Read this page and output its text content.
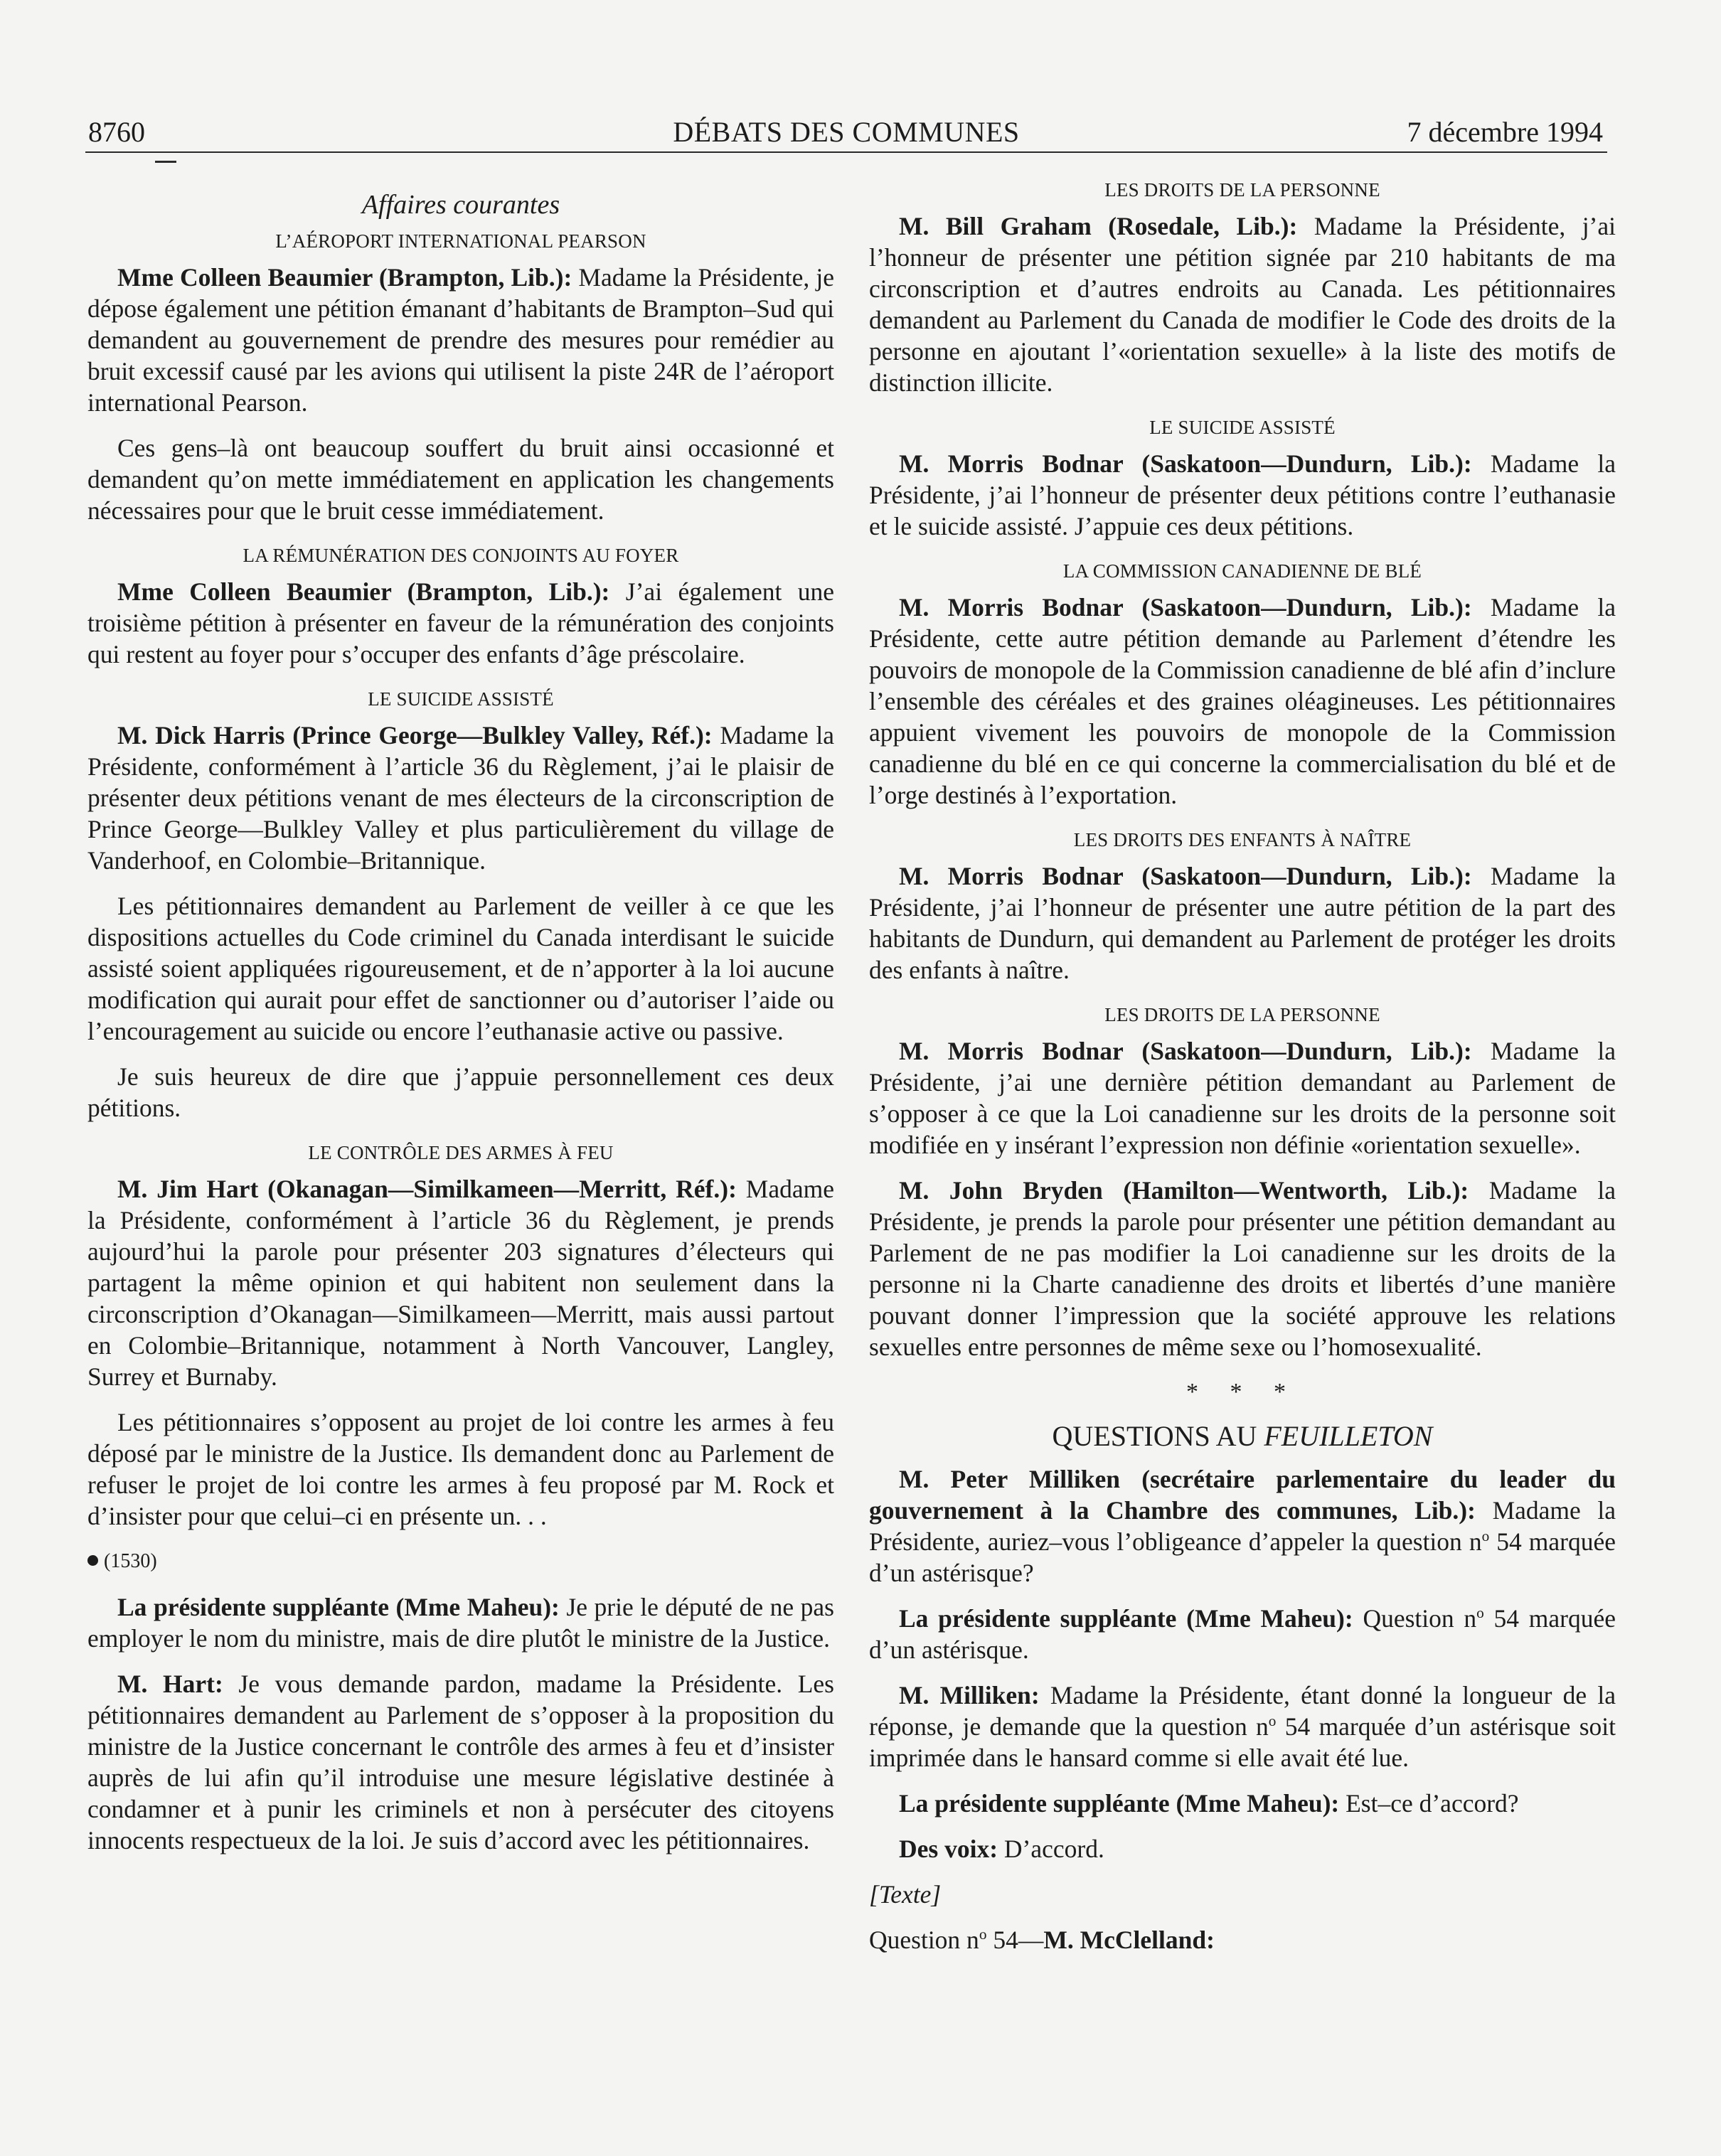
8760	DÉBATS DES COMMUNES	7 décembre 1994
Affaires courantes
L’AÉROPORT INTERNATIONAL PEARSON

Mme Colleen Beaumier (Brampton, Lib.): Madame la Présidente, je dépose également une pétition émanant d’habitants de Brampton–Sud qui demandent au gouvernement de prendre des mesures pour remédier au bruit excessif causé par les avions qui utilisent la piste 24R de l’aéroport international Pearson.

Ces gens–là ont beaucoup souffert du bruit ainsi occasionné et demandent qu’on mette immédiatement en application les changements nécessaires pour que le bruit cesse immédiatement.

LA RÉMUNÉRATION DES CONJOINTS AU FOYER

Mme Colleen Beaumier (Brampton, Lib.): J’ai également une troisième pétition à présenter en faveur de la rémunération des conjoints qui restent au foyer pour s’occuper des enfants d’âge préscolaire.

LE SUICIDE ASSISTÉ

M. Dick Harris (Prince George—Bulkley Valley, Réf.): Madame la Présidente, conformément à l’article 36 du Règlement, j’ai le plaisir de présenter deux pétitions venant de mes électeurs de la circonscription de Prince George—Bulkley Valley et plus particulièrement du village de Vanderhoof, en Colombie–Britannique.

Les pétitionnaires demandent au Parlement de veiller à ce que les dispositions actuelles du Code criminel du Canada interdisant le suicide assisté soient appliquées rigoureusement, et de n’apporter à la loi aucune modification qui aurait pour effet de sanctionner ou d’autoriser l’aide ou l’encouragement au suicide ou encore l’euthanasie active ou passive.

Je suis heureux de dire que j’appuie personnellement ces deux pétitions.

LE CONTRÔLE DES ARMES À FEU

M. Jim Hart (Okanagan—Similkameen—Merritt, Réf.): Madame la Présidente, conformément à l’article 36 du Règlement, je prends aujourd’hui la parole pour présenter 203 signatures d’électeurs qui partagent la même opinion et qui habitent non seulement dans la circonscription d’Okanagan—Similkameen—Merritt, mais aussi partout en Colombie–Britannique, notamment à North Vancouver, Langley, Surrey et Burnaby.

Les pétitionnaires s’opposent au projet de loi contre les armes à feu déposé par le ministre de la Justice. Ils demandent donc au Parlement de refuser le projet de loi contre les armes à feu proposé par M. Rock et d’insister pour que celui–ci en présente un. . .

(1530)

La présidente suppléante (Mme Maheu): Je prie le député de ne pas employer le nom du ministre, mais de dire plutôt le ministre de la Justice.

M. Hart: Je vous demande pardon, madame la Présidente. Les pétitionnaires demandent au Parlement de s’opposer à la proposition du ministre de la Justice concernant le contrôle des armes à feu et d’insister auprès de lui afin qu’il introduise une mesure législative destinée à condamner et à punir les criminels et non à persécuter des citoyens innocents respectueux de la loi. Je suis d’accord avec les pétitionnaires.

LES DROITS DE LA PERSONNE

M. Bill Graham (Rosedale, Lib.): Madame la Présidente, j’ai l’honneur de présenter une pétition signée par 210 habitants de ma circonscription et d’autres endroits au Canada. Les pétitionnaires demandent au Parlement du Canada de modifier le Code des droits de la personne en ajoutant l’«orientation sexuelle» à la liste des motifs de distinction illicite.

LE SUICIDE ASSISTÉ

M. Morris Bodnar (Saskatoon—Dundurn, Lib.): Madame la Présidente, j’ai l’honneur de présenter deux pétitions contre l’euthanasie et le suicide assisté. J’appuie ces deux pétitions.

LA COMMISSION CANADIENNE DE BLÉ

M. Morris Bodnar (Saskatoon—Dundurn, Lib.): Madame la Présidente, cette autre pétition demande au Parlement d’étendre les pouvoirs de monopole de la Commission canadienne de blé afin d’inclure l’ensemble des céréales et des graines oléagineuses. Les pétitionnaires appuient vivement les pouvoirs de monopole de la Commission canadienne du blé en ce qui concerne la commercialisation du blé et de l’orge destinés à l’exportation.

LES DROITS DES ENFANTS À NAÎTRE

M. Morris Bodnar (Saskatoon—Dundurn, Lib.): Madame la Présidente, j’ai l’honneur de présenter une autre pétition de la part des habitants de Dundurn, qui demandent au Parlement de protéger les droits des enfants à naître.

LES DROITS DE LA PERSONNE

M. Morris Bodnar (Saskatoon—Dundurn, Lib.): Madame la Présidente, j’ai une dernière pétition demandant au Parlement de s’opposer à ce que la Loi canadienne sur les droits de la personne soit modifiée en y insérant l’expression non définie «orientation sexuelle».

M. John Bryden (Hamilton—Wentworth, Lib.): Madame la Présidente, je prends la parole pour présenter une pétition demandant au Parlement de ne pas modifier la Loi canadienne sur les droits de la personne ni la Charte canadienne des droits et libertés d’une manière pouvant donner l’impression que la société approuve les relations sexuelles entre personnes de même sexe ou l’homosexualité.

* * *
QUESTIONS AU FEUILLETON

M. Peter Milliken (secrétaire parlementaire du leader du gouvernement à la Chambre des communes, Lib.): Madame la Présidente, auriez–vous l’obligeance d’appeler la question $n^o$ 54 marquée d’un astérisque?

La présidente suppléante (Mme Maheu): Question $n^o$ 54 marquée d’un astérisque.

M. Milliken: Madame la Présidente, étant donné la longueur de la réponse, je demande que la question $n^o$ 54 marquée d’un astérisque soit imprimée dans le hansard comme si elle avait été lue.

La présidente suppléante (Mme Maheu): Est–ce d’accord?

Des voix: D’accord.

[Texte]

Question $n^o$ 54—M. McClelland:
